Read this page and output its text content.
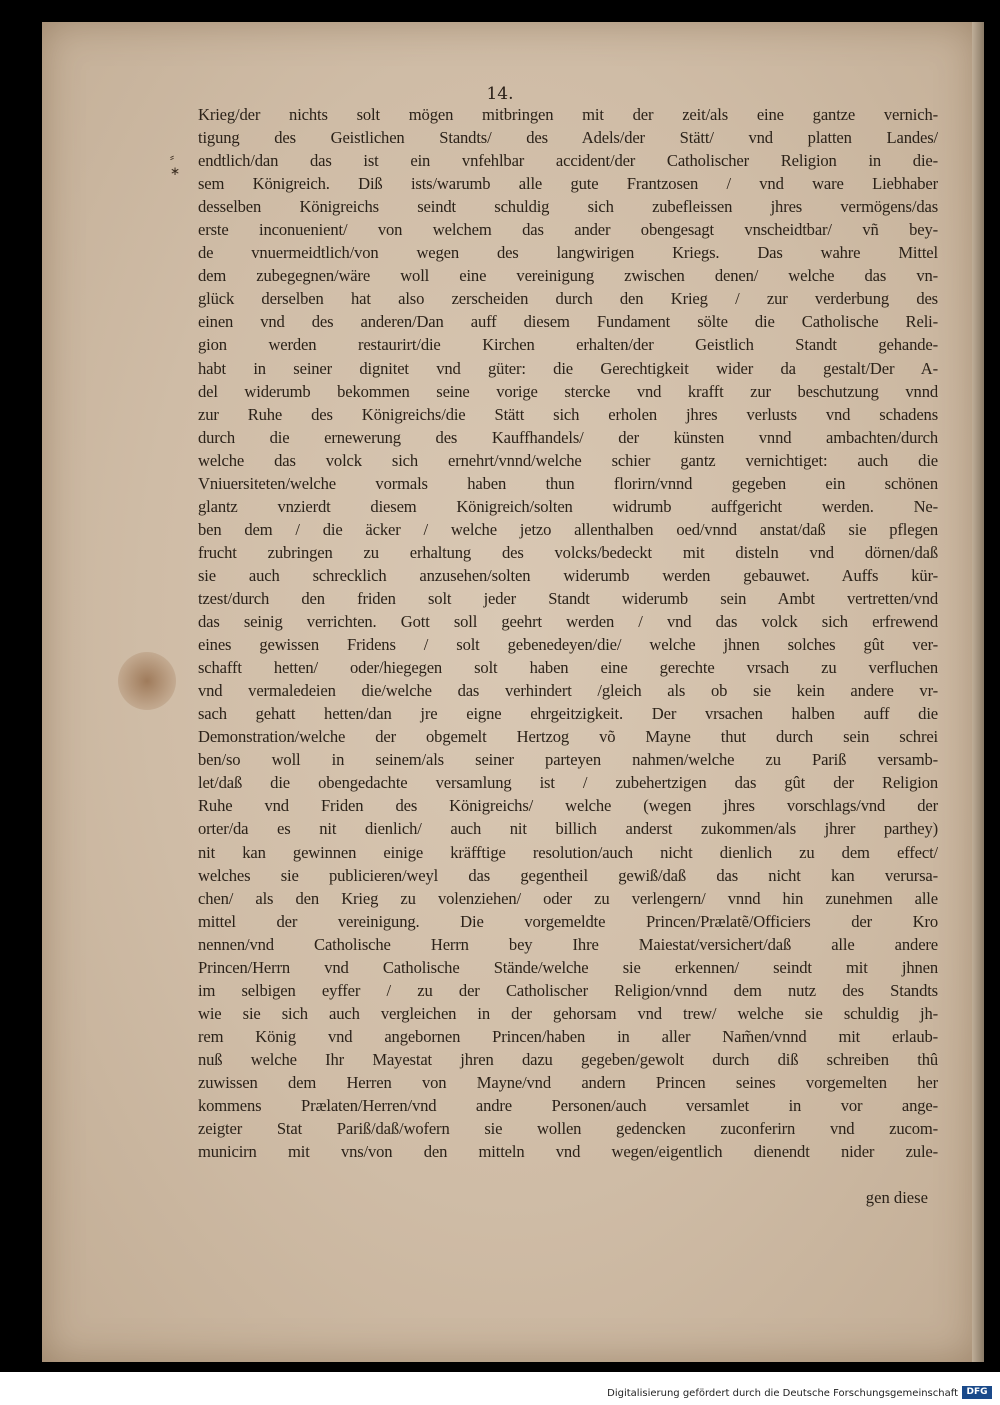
14.
⸗
∗
Krieg/der nichts solt mögen mitbringen mit der zeit/als eine gantze vernich-
tigung des Geistlichen Standts/ des Adels/der Stätt/ vnd platten Landes/
endtlich/dan das ist ein vnfehlbar accident/der Catholischer Religion in die-
sem Königreich. Diß ists/warumb alle gute Frantzosen / vnd ware Liebhaber
desselben Königreichs seindt schuldig sich zubefleissen jhres vermögens/das
erste inconuenient/ von welchem das ander obengesagt vnscheidtbar/ vñ bey-
de vnuermeidtlich/von wegen des langwirigen Kriegs. Das wahre Mittel
dem zubegegnen/wäre woll eine vereinigung zwischen denen/ welche das vn-
glück derselben hat also zerscheiden durch den Krieg / zur verderbung des
einen vnd des anderen/Dan auff diesem Fundament sölte die Catholische Reli-
gion werden restaurirt/die Kirchen erhalten/der Geistlich Standt gehande-
habt in seiner dignitet vnd güter: die Gerechtigkeit wider da gestalt/Der A-
del widerumb bekommen seine vorige stercke vnd krafft zur beschutzung vnnd
zur Ruhe des Königreichs/die Stätt sich erholen jhres verlusts vnd schadens
durch die ernewerung des Kauffhandels/ der künsten vnnd ambachten/durch
welche das volck sich ernehrt/vnnd/welche schier gantz vernichtiget: auch die
Vniuersiteten/welche vormals haben thun florirn/vnnd gegeben ein schönen
glantz vnzierdt diesem Königreich/solten widrumb auffgericht werden. Ne-
ben dem / die äcker / welche jetzo allenthalben oed/vnnd anstat/daß sie pflegen
frucht zubringen zu erhaltung des volcks/bedeckt mit disteln vnd dörnen/daß
sie auch schrecklich anzusehen/solten widerumb werden gebauwet. Auffs kür-
tzest/durch den friden solt jeder Standt widerumb sein Ambt vertretten/vnd
das seinig verrichten. Gott soll geehrt werden / vnd das volck sich erfrewend
eines gewissen Fridens / solt gebenedeyen/die/ welche jhnen solches gût ver-
schafft hetten/ oder/hiegegen solt haben eine gerechte vrsach zu verfluchen
vnd vermaledeien die/welche das verhindert /gleich als ob sie kein andere vr-
sach gehatt hetten/dan jre eigne ehrgeitzigkeit. Der vrsachen halben auff die
Demonstration/welche der obgemelt Hertzog võ Mayne thut durch sein schrei
ben/so woll in seinem/als seiner parteyen nahmen/welche zu Pariß versamb-
let/daß die obengedachte versamlung ist / zubehertzigen das gût der Religion
Ruhe vnd Friden des Königreichs/ welche (wegen jhres vorschlags/vnd der
orter/da es nit dienlich/ auch nit billich anderst zukommen/als jhrer parthey)
nit kan gewinnen einige kräfftige resolution/auch nicht dienlich zu dem effect/
welches sie publicieren/weyl das gegentheil gewiß/daß das nicht kan verursa-
chen/ als den Krieg zu volenziehen/ oder zu verlengern/ vnnd hin zunehmen alle
mittel der vereinigung. Die vorgemeldte Princen/Prælatẽ/Officiers der Kro
nennen/vnd Catholische Herrn bey Ihre Maiestat/versichert/daß alle andere
Princen/Herrn vnd Catholische Stände/welche sie erkennen/ seindt mit jhnen
im selbigen eyffer / zu der Catholischer Religion/vnnd dem nutz des Standts
wie sie sich auch vergleichen in der gehorsam vnd trew/ welche sie schuldig jh-
rem König vnd angebornen Princen/haben in aller Nam̃en/vnnd mit erlaub-
nuß welche Ihr Mayestat jhren dazu gegeben/gewolt durch diß schreiben thû
zuwissen dem Herren von Mayne/vnd andern Princen seines vorgemelten her
kommens Prælaten/Herren/vnd andre Personen/auch versamlet in vor ange-
zeigter Stat Pariß/daß/wofern sie wollen gedencken zuconferirn vnd zucom-
municirn mit vns/von den mitteln vnd wegen/eigentlich dienendt nider zule-
gen diese
Digitalisierung gefördert durch die Deutsche Forschungsgemeinschaft DFG
